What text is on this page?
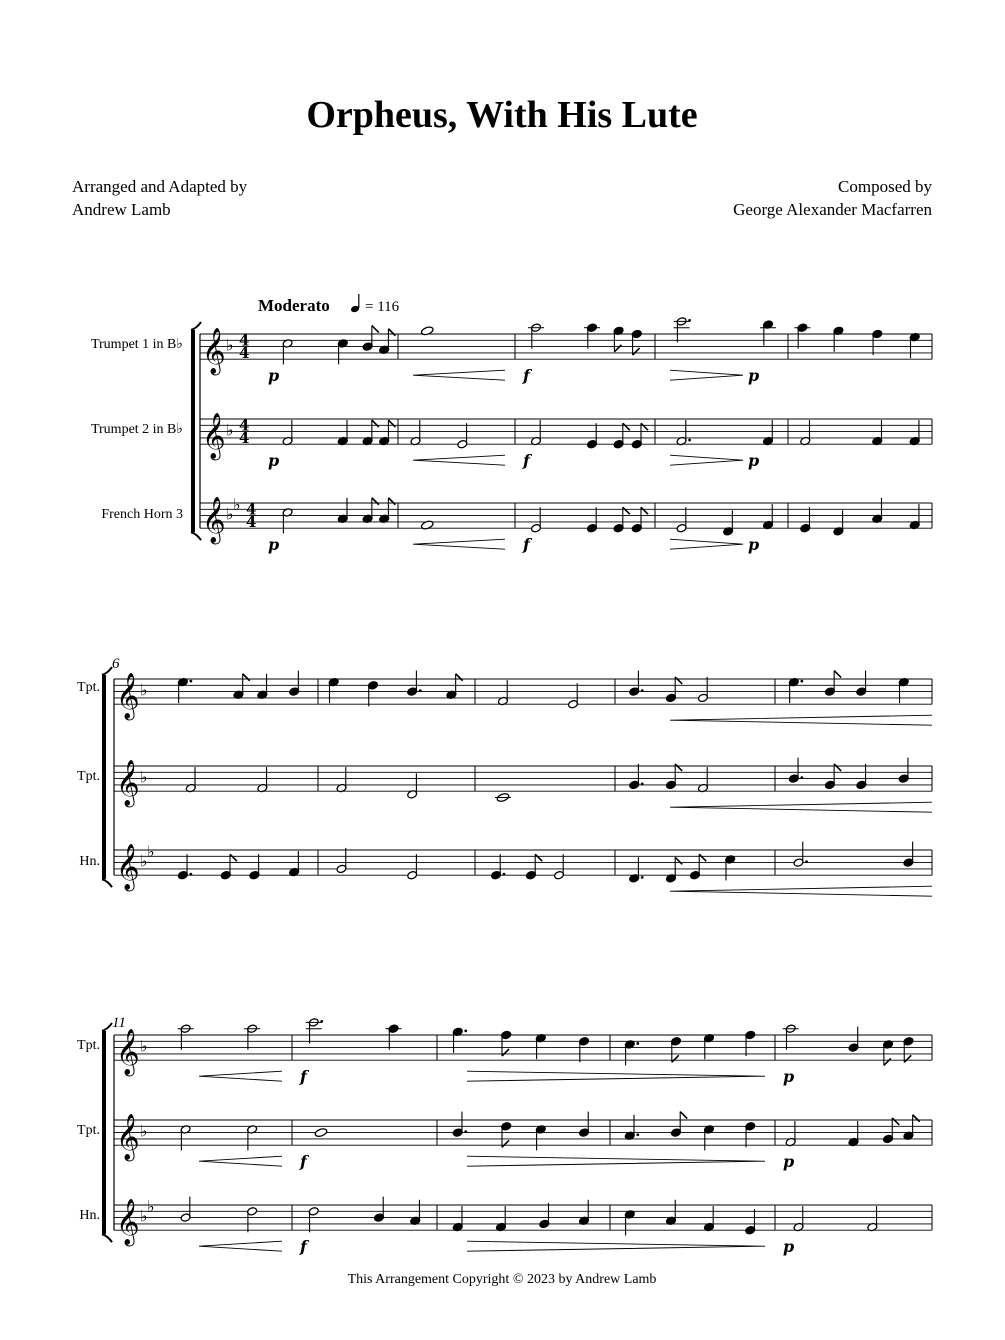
Orpheus, With His Lute
Arranged and Adapted by
Andrew Lamb
Composed by
George Alexander Macfarren
Moderato = 116
Trumpet 1 in B♭
Trumpet 2 in B♭
French Horn 3
Tpt.
Tpt.
Hn.
Tpt.
Tpt.
Hn.
6
11
𝄞 ♭ 4
4
𝄞 ♭ 4
4
𝄞 ♭ ♭ 4
4
p	f	p
p	f	p
p	f	p
𝄞 ♭
𝄞 ♭
𝄞 ♭ ♭
𝄞 ♭
𝄞 ♭
𝄞 ♭ ♭
f	p
f	p
f	p
This Arrangement Copyright © 2023 by Andrew Lamb
